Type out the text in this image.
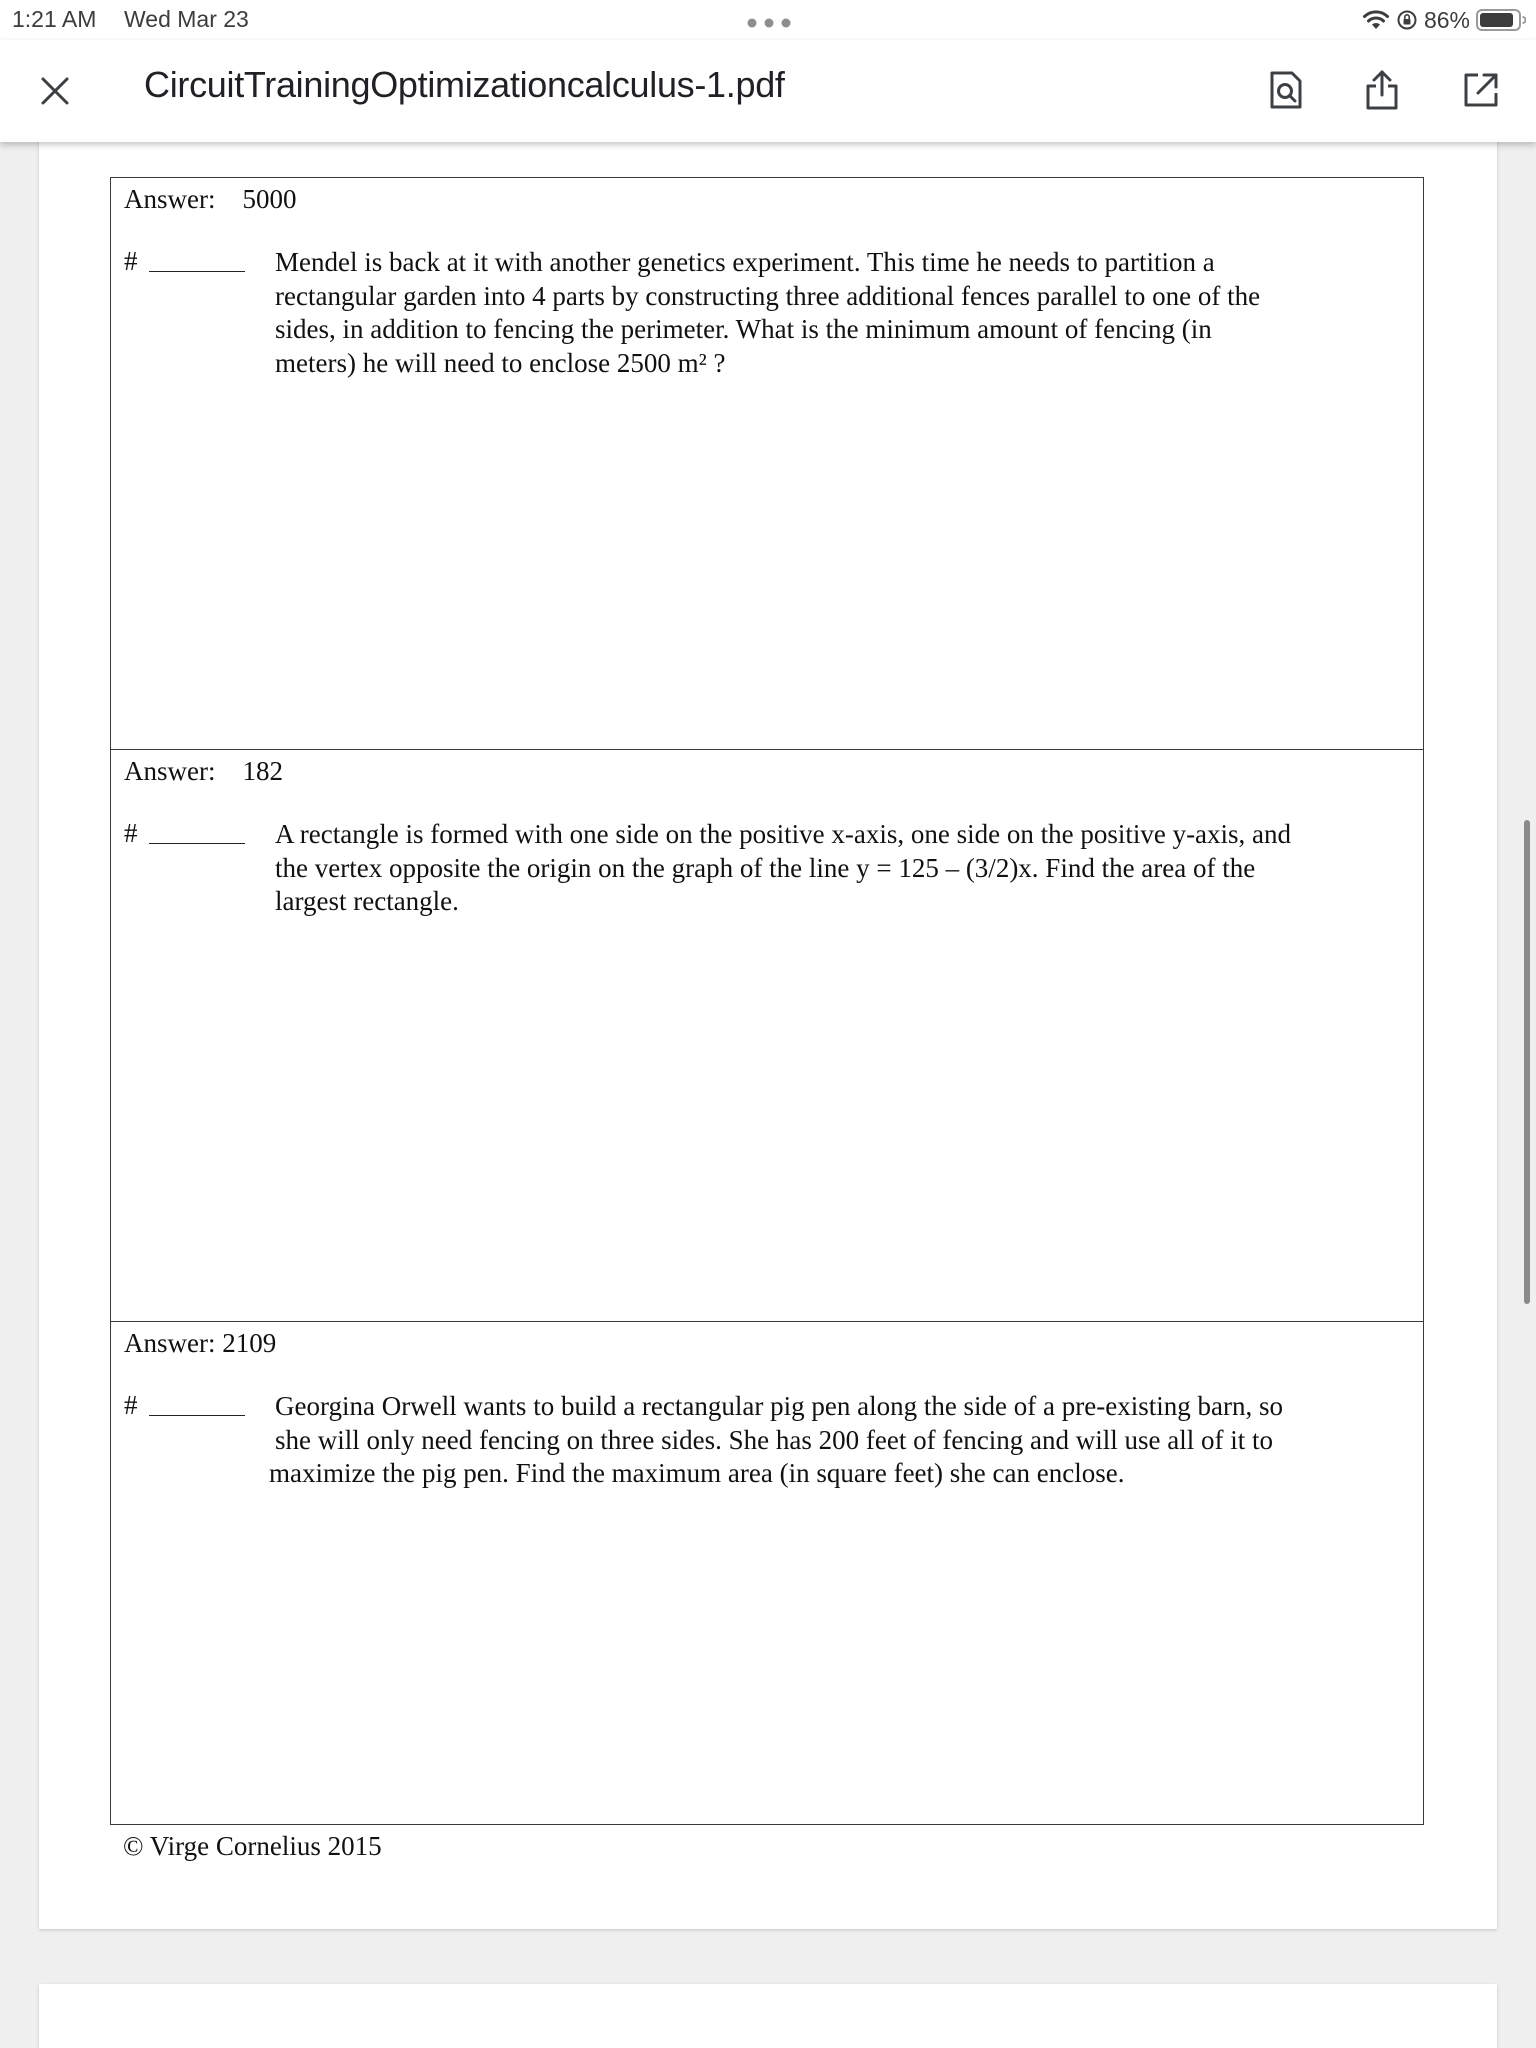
1:21 AM Wed Mar 23	86%
CircuitTrainingOptimizationcalculus-1.pdf
Answer: 5000
#	Mendel is back at it with another genetics experiment. This time he needs to partition a
rectangular garden into 4 parts by constructing three additional fences parallel to one of the
sides, in addition to fencing the perimeter. What is the minimum amount of fencing (in
meters) he will need to enclose 2500 m² ?
Answer: 182
#	A rectangle is formed with one side on the positive x-axis, one side on the positive y-axis, and
the vertex opposite the origin on the graph of the line y = 125 – (3/2)x. Find the area of the
largest rectangle.
Answer: 2109
#	Georgina Orwell wants to build a rectangular pig pen along the side of a pre-existing barn, so
she will only need fencing on three sides. She has 200 feet of fencing and will use all of it to
maximize the pig pen. Find the maximum area (in square feet) she can enclose.
© Virge Cornelius 2015
